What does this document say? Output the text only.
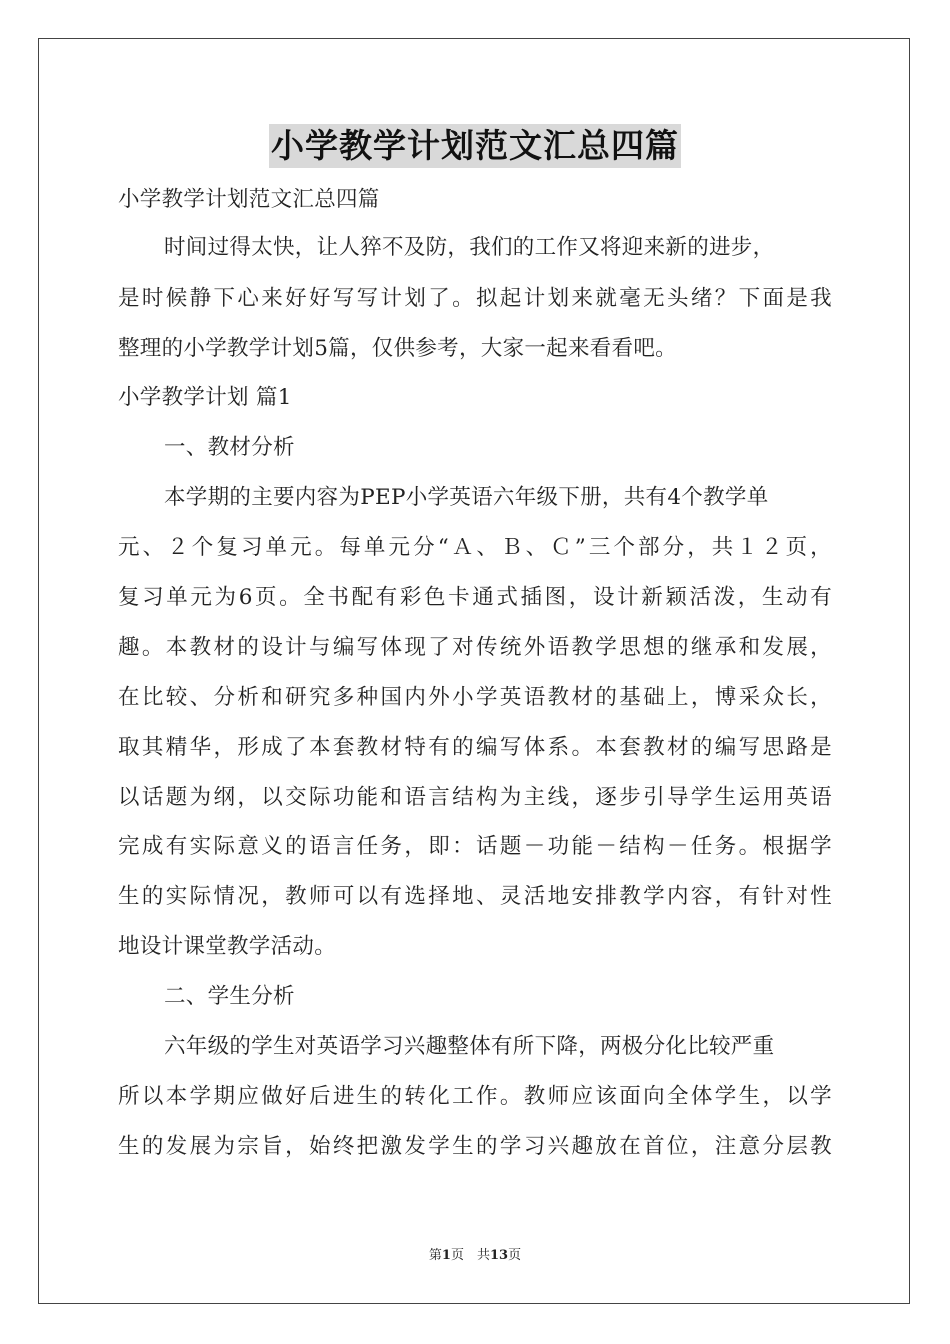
小学教学计划范文汇总四篇
小学教学计划范文汇总四篇
时间过得太快，让人猝不及防，我们的工作又将迎来新的进步，
是时候静下心来好好写写计划了。拟起计划来就毫无头绪？下面是我
整理的小学教学计划5篇，仅供参考，大家一起来看看吧。
小学教学计划 篇1
一、教材分析
本学期的主要内容为PEP小学英语六年级下册，共有4个教学单
元、２个复习单元。每单元分“Ａ、Ｂ、Ｃ”三个部分，共１２页，
复习单元为6页。全书配有彩色卡通式插图，设计新颖活泼，生动有
趣。本教材的设计与编写体现了对传统外语教学思想的继承和发展，
在比较、分析和研究多种国内外小学英语教材的基础上，博采众长，
取其精华，形成了本套教材特有的编写体系。本套教材的编写思路是
以话题为纲，以交际功能和语言结构为主线，逐步引导学生运用英语
完成有实际意义的语言任务，即：话题－功能－结构－任务。根据学
生的实际情况，教师可以有选择地、灵活地安排教学内容，有针对性
地设计课堂教学活动。
二、学生分析
六年级的学生对英语学习兴趣整体有所下降，两极分化比较严重
所以本学期应做好后进生的转化工作。教师应该面向全体学生，以学
生的发展为宗旨，始终把激发学生的学习兴趣放在首位，注意分层教
第1页　共13页
